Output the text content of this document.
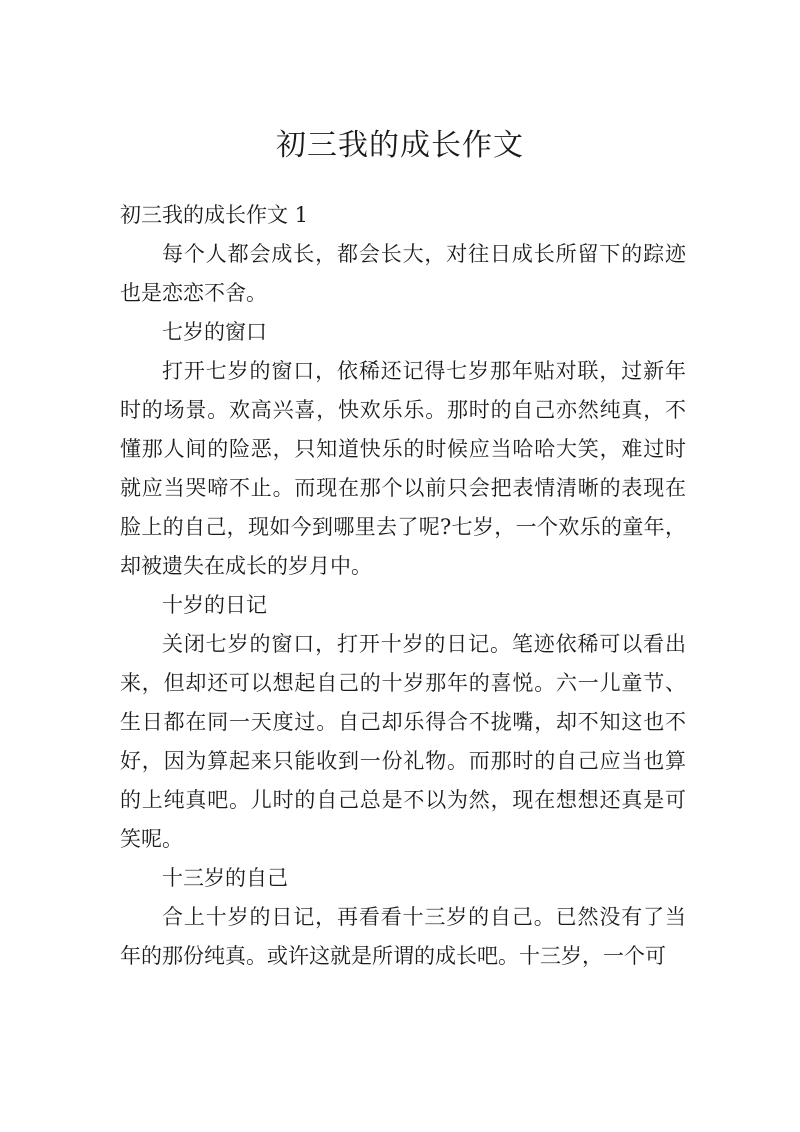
初三我的成长作文

初三我的成长作文 1

每个人都会成长，都会长大，对往日成长所留下的踪迹也是恋恋不舍。

七岁的窗口

打开七岁的窗口，依稀还记得七岁那年贴对联，过新年时的场景。欢高兴喜，快欢乐乐。那时的自己亦然纯真，不懂那人间的险恶，只知道快乐的时候应当哈哈大笑，难过时就应当哭啼不止。而现在那个以前只会把表情清晰的表现在脸上的自己，现如今到哪里去了呢?七岁，一个欢乐的童年，却被遗失在成长的岁月中。

十岁的日记

关闭七岁的窗口，打开十岁的日记。笔迹依稀可以看出来，但却还可以想起自己的十岁那年的喜悦。六一儿童节、生日都在同一天度过。自己却乐得合不拢嘴，却不知这也不好，因为算起来只能收到一份礼物。而那时的自己应当也算的上纯真吧。儿时的自己总是不以为然，现在想想还真是可笑呢。

十三岁的自己

合上十岁的日记，再看看十三岁的自己。已然没有了当年的那份纯真。或许这就是所谓的成长吧。十三岁，一个可
